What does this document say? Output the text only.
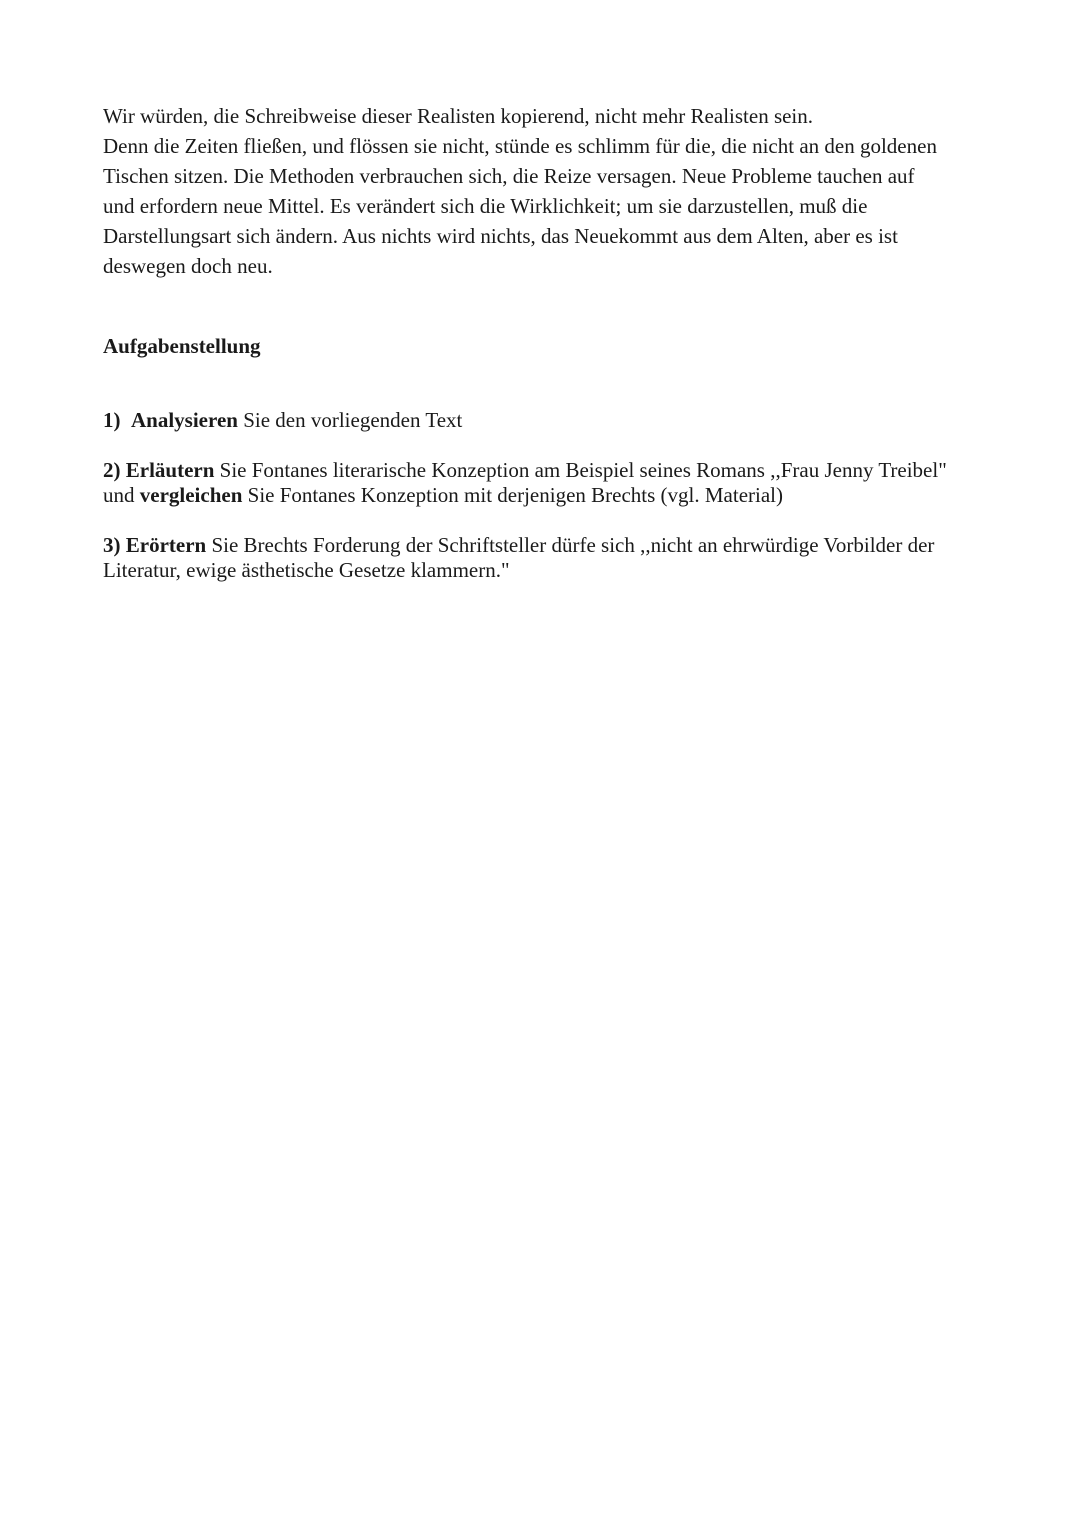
Wir würden, die Schreibweise dieser Realisten kopierend, nicht mehr Realisten sein.
Denn die Zeiten fließen, und flössen sie nicht, stünde es schlimm für die, die nicht an den goldenen
Tischen sitzen. Die Methoden verbrauchen sich, die Reize versagen. Neue Probleme tauchen auf
und erfordern neue Mittel. Es verändert sich die Wirklichkeit; um sie darzustellen, muß die
Darstellungsart sich ändern. Aus nichts wird nichts, das Neuekommt aus dem Alten, aber es ist
deswegen doch neu.
Aufgabenstellung
1) Analysieren Sie den vorliegenden Text
2) Erläutern Sie Fontanes literarische Konzeption am Beispiel seines Romans ,,Frau Jenny Treibel"
und vergleichen Sie Fontanes Konzeption mit derjenigen Brechts (vgl. Material)
3) Erörtern Sie Brechts Forderung der Schriftsteller dürfe sich ,,nicht an ehrwürdige Vorbilder der
Literatur, ewige ästhetische Gesetze klammern."
